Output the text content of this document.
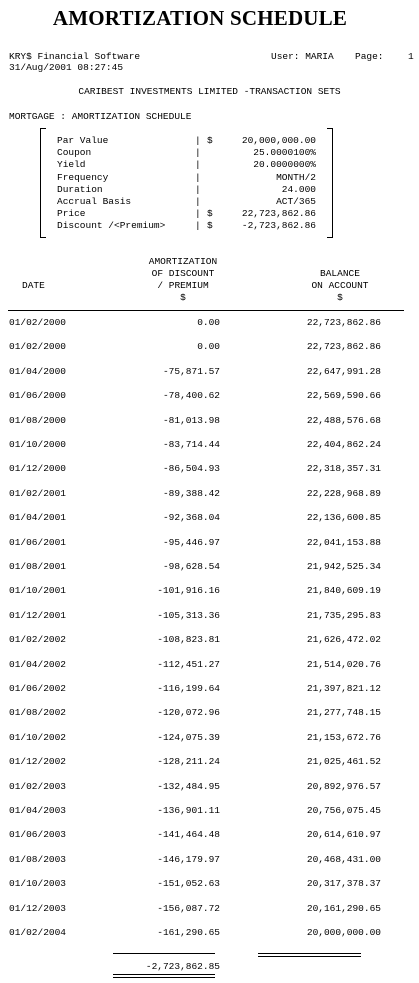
AMORTIZATION SCHEDULE
KRY$ Financial Software
31/Aug/2001 08:27:45
User: MARIA Page:	1
CARIBEST INVESTMENTS LIMITED -TRANSACTION SETS
MORTGAGE : AMORTIZATION SCHEDULE
Par Value	| $	20,000,000.00
Coupon	|	25.0000100%
Yield	|	20.0000000%
Frequency	|	MONTH/2
Duration	|	24.000
Accrual Basis	|	ACT/365
Price	| $	22,723,862.86
Discount /<Premium>	| $	-2,723,862.86
AMORTIZATION
OF DISCOUNT
/ PREMIUM
$
DATE
BALANCE
ON ACCOUNT
$
01/02/2000	0.00	22,723,862.86
01/02/2000	0.00	22,723,862.86
01/04/2000	-75,871.57	22,647,991.28
01/06/2000	-78,400.62	22,569,590.66
01/08/2000	-81,013.98	22,488,576.68
01/10/2000	-83,714.44	22,404,862.24
01/12/2000	-86,504.93	22,318,357.31
01/02/2001	-89,388.42	22,228,968.89
01/04/2001	-92,368.04	22,136,600.85
01/06/2001	-95,446.97	22,041,153.88
01/08/2001	-98,628.54	21,942,525.34
01/10/2001	-101,916.16	21,840,609.19
01/12/2001	-105,313.36	21,735,295.83
01/02/2002	-108,823.81	21,626,472.02
01/04/2002	-112,451.27	21,514,020.76
01/06/2002	-116,199.64	21,397,821.12
01/08/2002	-120,072.96	21,277,748.15
01/10/2002	-124,075.39	21,153,672.76
01/12/2002	-128,211.24	21,025,461.52
01/02/2003	-132,484.95	20,892,976.57
01/04/2003	-136,901.11	20,756,075.45
01/06/2003	-141,464.48	20,614,610.97
01/08/2003	-146,179.97	20,468,431.00
01/10/2003	-151,052.63	20,317,378.37
01/12/2003	-156,087.72	20,161,290.65
01/02/2004	-161,290.65	20,000,000.00
-2,723,862.85
